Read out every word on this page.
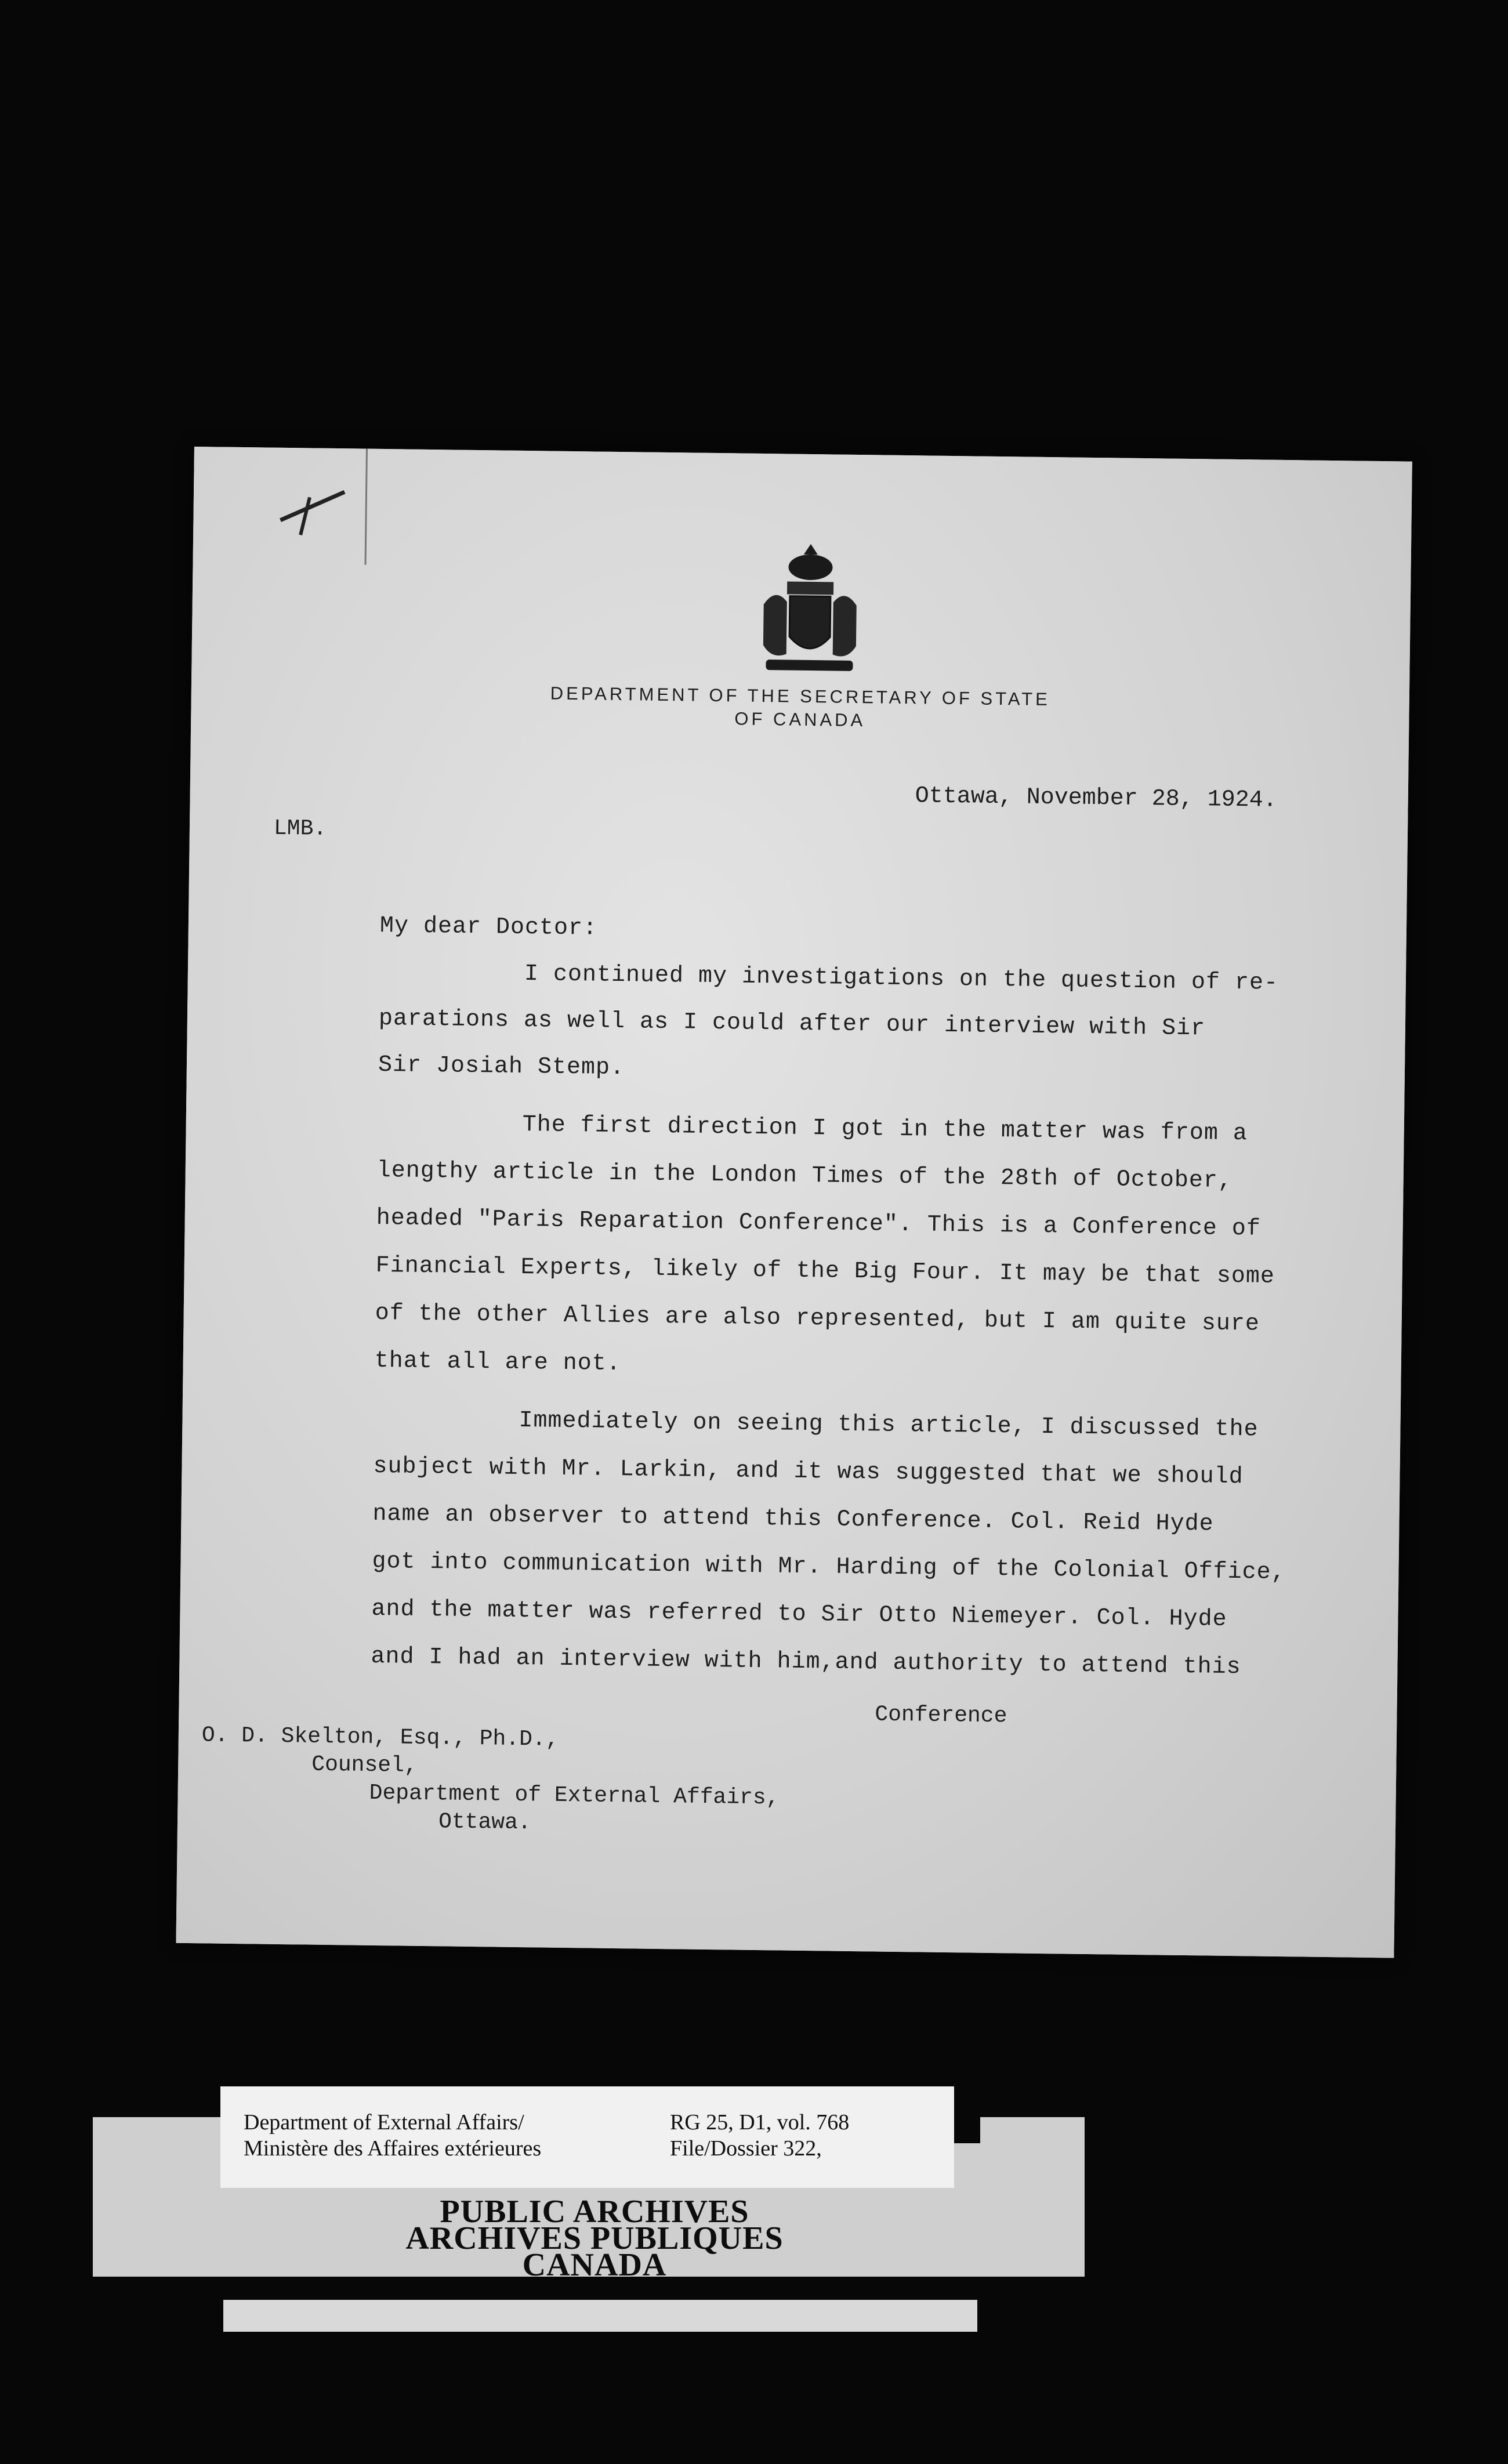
DEPARTMENT OF THE SECRETARY OF STATE
OF CANADA
Ottawa, November 28, 1924.
LMB.
My dear Doctor:
I continued my investigations on the question of re-
parations as well as I could after our interview with Sir
Sir Josiah Stemp.
The first direction I got in the matter was from a
lengthy article in the London Times of the 28th of October,
headed "Paris Reparation Conference". This is a Conference of
Financial Experts, likely of the Big Four. It may be that some
of the other Allies are also represented, but I am quite sure
that all are not.
Immediately on seeing this article, I discussed the
subject with Mr. Larkin, and it was suggested that we should
name an observer to attend this Conference. Col. Reid Hyde
got into communication with Mr. Harding of the Colonial Office,
and the matter was referred to Sir Otto Niemeyer. Col. Hyde
and I had an interview with him,and authority to attend this
Conference
O. D. Skelton, Esq., Ph.D.,
Counsel,
Department of External Affairs,
Ottawa.
Department of External Affairs/
Ministère des Affaires extérieures
RG 25, D1, vol. 768
File/Dossier 322,
PUBLIC ARCHIVES
ARCHIVES PUBLIQUES
CANADA
